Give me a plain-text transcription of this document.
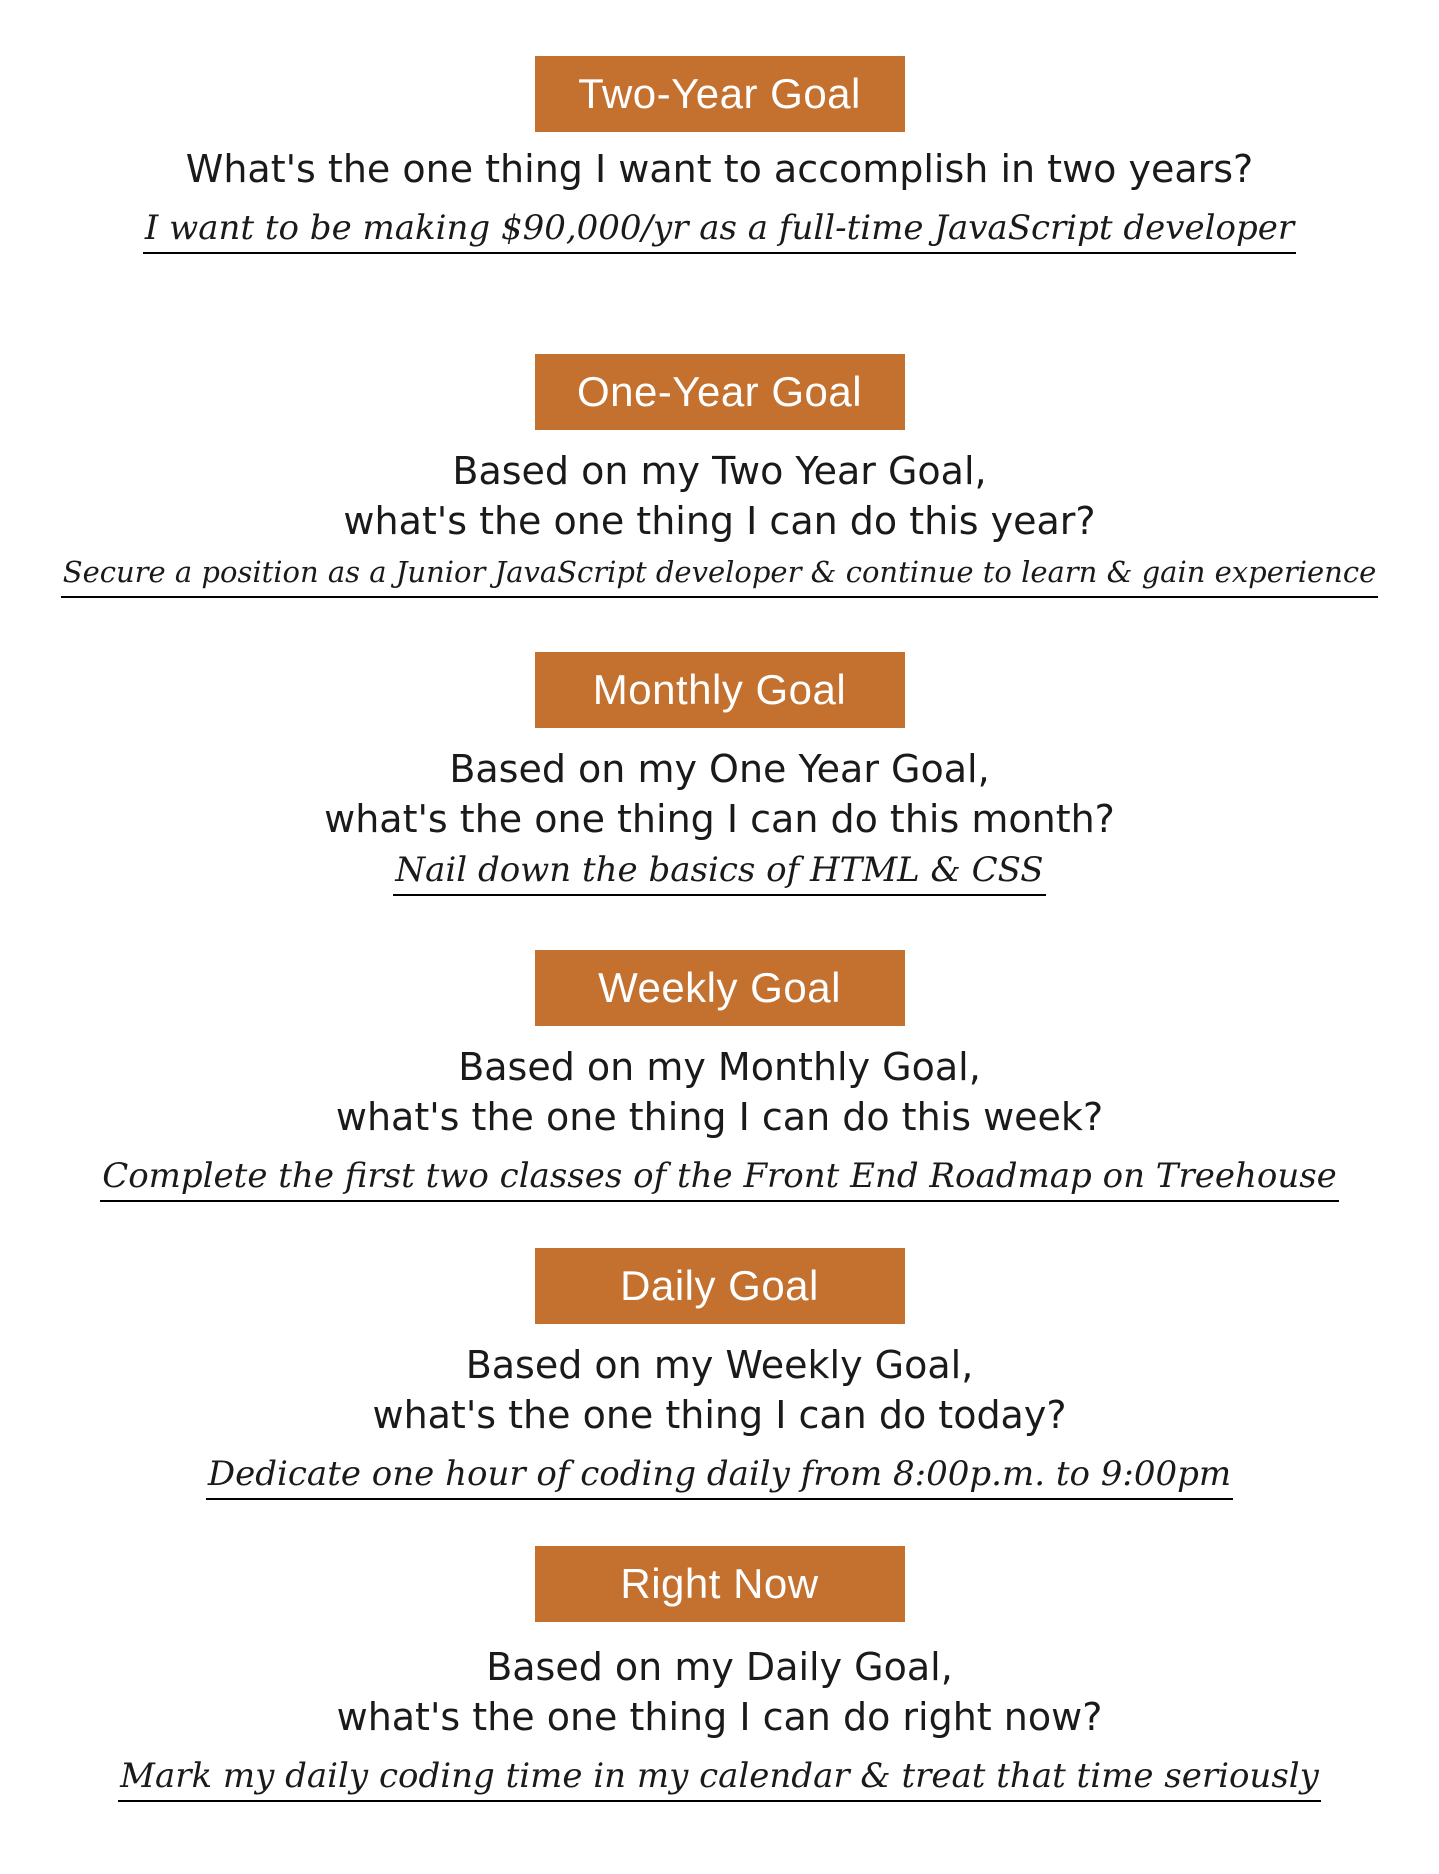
Two-Year Goal
What's the one thing I want to accomplish in two years?
I want to be making $90,000/yr as a full-time JavaScript developer
One-Year Goal
Based on my Two Year Goal,
what's the one thing I can do this year?
Secure a position as a Junior JavaScript developer & continue to learn & gain experience
Monthly Goal
Based on my One Year Goal,
what's the one thing I can do this month?
Nail down the basics of HTML & CSS
Weekly Goal
Based on my Monthly Goal,
what's the one thing I can do this week?
Complete the first two classes of the Front End Roadmap on Treehouse
Daily Goal
Based on my Weekly Goal,
what's the one thing I can do today?
Dedicate one hour of coding daily from 8:00p.m. to 9:00pm
Right Now
Based on my Daily Goal,
what's the one thing I can do right now?
Mark my daily coding time in my calendar & treat that time seriously
